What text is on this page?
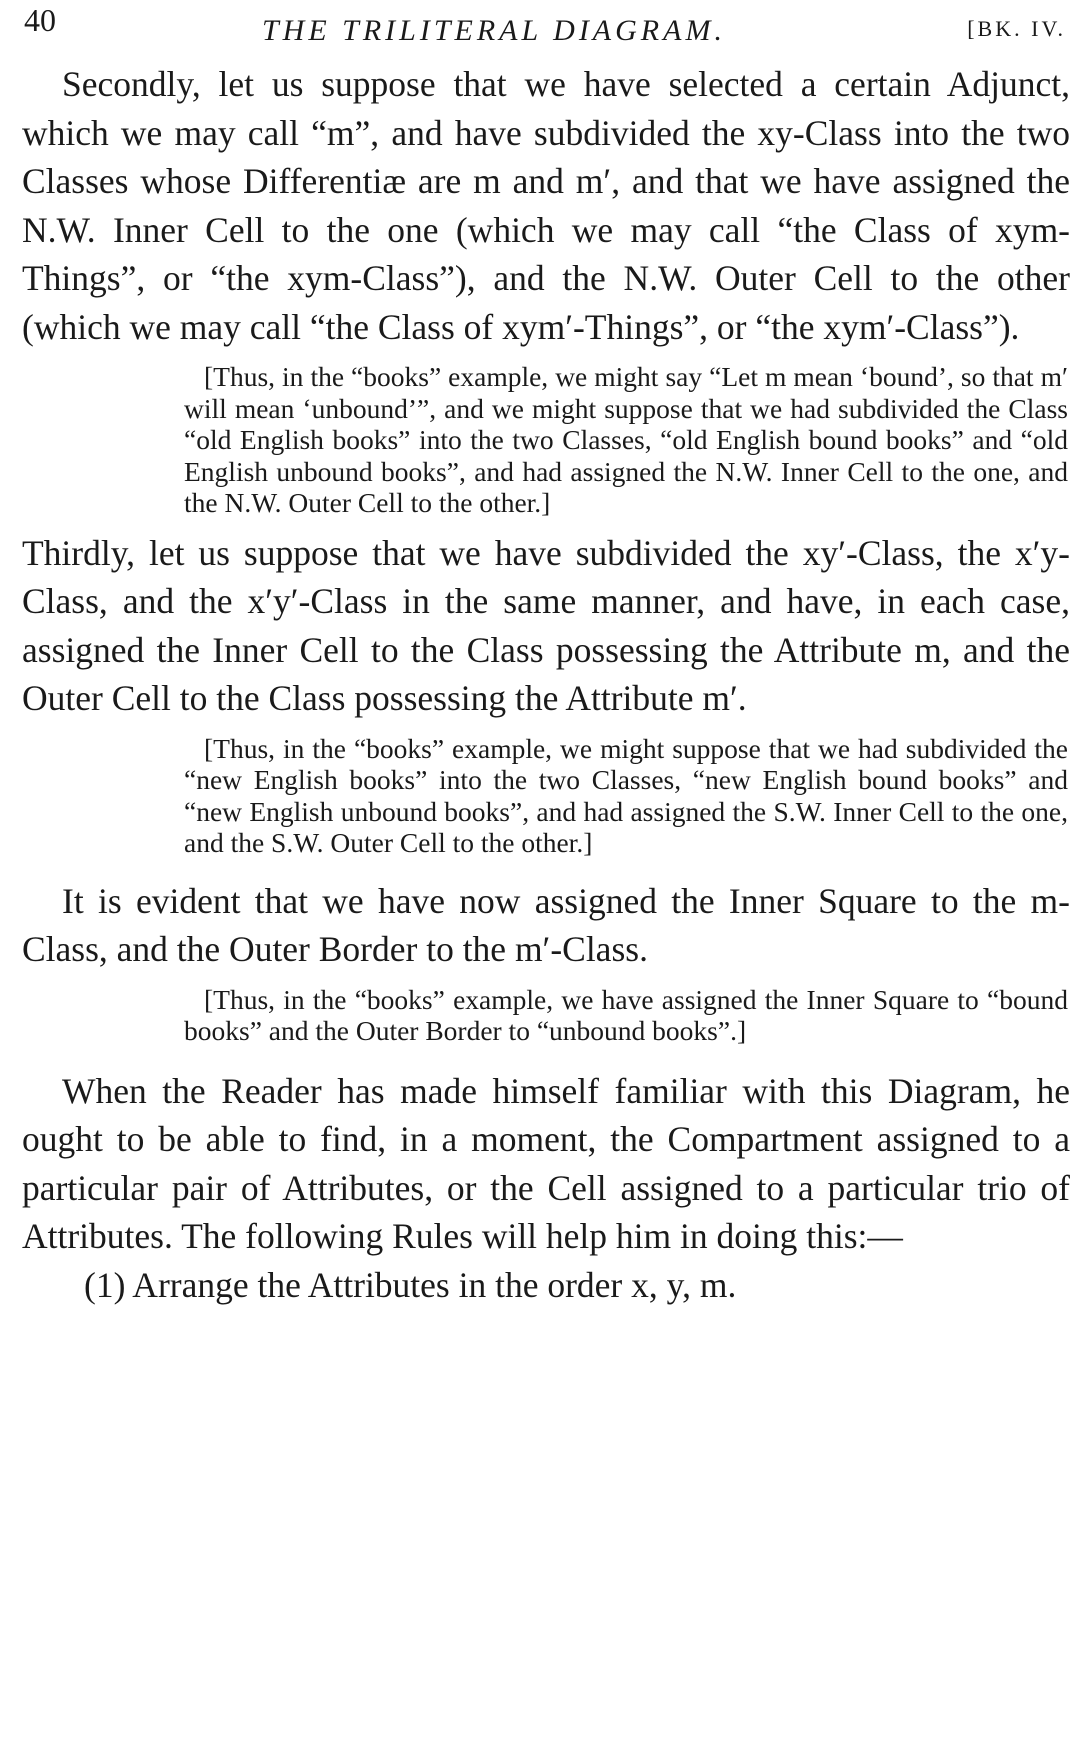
40	THE TRILITERAL DIAGRAM.	[BK. IV.

Secondly, let us suppose that we have selected a certain Adjunct, which we may call “m”, and have subdivided the xy-Class into the two Classes whose Differentiæ are m and m′, and that we have assigned the N.W. Inner Cell to the one (which we may call “the Class of xym-Things”, or “the xym-Class”), and the N.W. Outer Cell to the other (which we may call “the Class of xym′-Things”, or “the xym′-Class”).

[Thus, in the “books” example, we might say “Let m mean ‘bound’, so that m′ will mean ‘unbound’”, and we might suppose that we had subdivided the Class “old English books” into the two Classes, “old English bound books” and “old English unbound books”, and had assigned the N.W. Inner Cell to the one, and the N.W. Outer Cell to the other.]

Thirdly, let us suppose that we have subdivided the xy′-Class, the x′y-Class, and the x′y′-Class in the same manner, and have, in each case, assigned the Inner Cell to the Class possessing the Attribute m, and the Outer Cell to the Class possessing the Attribute m′.

[Thus, in the “books” example, we might suppose that we had subdivided the “new English books” into the two Classes, “new English bound books” and “new English unbound books”, and had assigned the S.W. Inner Cell to the one, and the S.W. Outer Cell to the other.]

It is evident that we have now assigned the Inner Square to the m-Class, and the Outer Border to the m′-Class.

[Thus, in the “books” example, we have assigned the Inner Square to “bound books” and the Outer Border to “unbound books”.]

When the Reader has made himself familiar with this Diagram, he ought to be able to find, in a moment, the Compartment assigned to a particular pair of Attributes, or the Cell assigned to a particular trio of Attributes. The following Rules will help him in doing this:—

(1) Arrange the Attributes in the order x, y, m.
